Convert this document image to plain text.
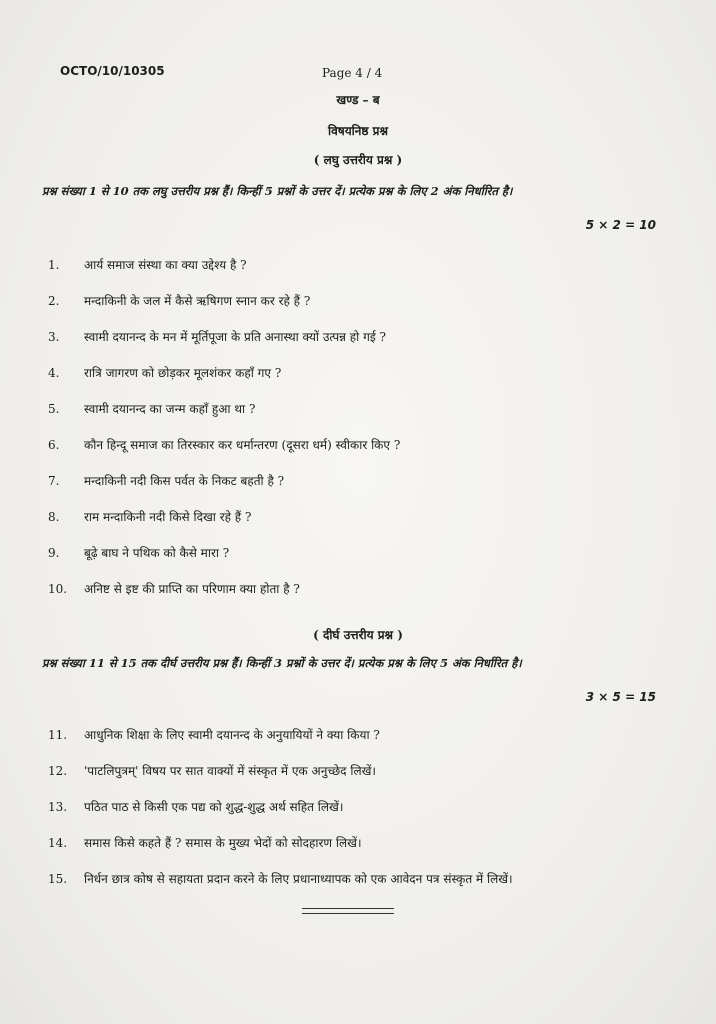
OCTO/10/10305	Page 4 / 4
खण्ड – ब
विषयनिष्ठ प्रश्न
( लघु उत्तरीय प्रश्न )
प्रश्न संख्या 1 से 10 तक लघु उत्तरीय प्रश्न हैं। किन्हीं 5 प्रश्नों के उत्तर दें। प्रत्येक प्रश्न के लिए 2 अंक निर्धारित है।
5 × 2 = 10
1. आर्य समाज संस्था का क्या उद्देश्य है ?
2. मन्दाकिनी के जल में कैसे ऋषिगण स्नान कर रहे हैं ?
3. स्वामी दयानन्द के मन में मूर्तिपूजा के प्रति अनास्था क्यों उत्पन्न हो गई ?
4. रात्रि जागरण को छोड़कर मूलशंकर कहाँ गए ?
5. स्वामी दयानन्द का जन्म कहाँ हुआ था ?
6. कौन हिन्दू समाज का तिरस्कार कर धर्मान्तरण (दूसरा धर्म) स्वीकार किए ?
7. मन्दाकिनी नदी किस पर्वत के निकट बहती है ?
8. राम मन्दाकिनी नदी किसे दिखा रहे हैं ?
9. बूढ़े बाघ ने पथिक को कैसे मारा ?
10. अनिष्ट से इष्ट की प्राप्ति का परिणाम क्या होता है ?
( दीर्घ उत्तरीय प्रश्न )
प्रश्न संख्या 11 से 15 तक दीर्घ उत्तरीय प्रश्न हैं। किन्हीं 3 प्रश्नों के उत्तर दें। प्रत्येक प्रश्न के लिए 5 अंक निर्धारित है।
3 × 5 = 15
11. आधुनिक शिक्षा के लिए स्वामी दयानन्द के अनुयायियों ने क्या किया ?
12. 'पाटलिपुत्रम्' विषय पर सात वाक्यों में संस्कृत में एक अनुच्छेद लिखें।
13. पठित पाठ से किसी एक पद्य को शुद्ध-शुद्ध अर्थ सहित लिखें।
14. समास किसे कहते हैं ? समास के मुख्य भेदों को सोदहारण लिखें।
15. निर्धन छात्र कोष से सहायता प्रदान करने के लिए प्रधानाध्यापक को एक आवेदन पत्र संस्कृत में लिखें।
